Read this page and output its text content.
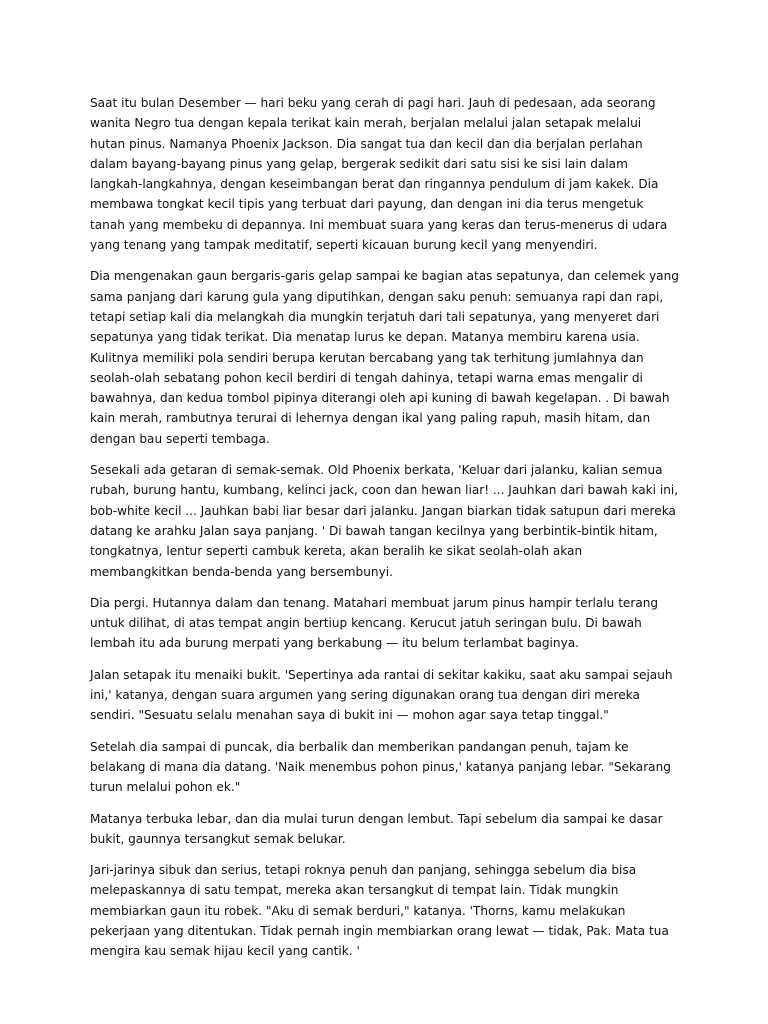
Saat itu bulan Desember — hari beku yang cerah di pagi hari. Jauh di pedesaan, ada seorang wanita Negro tua dengan kepala terikat kain merah, berjalan melalui jalan setapak melalui hutan pinus. Namanya Phoenix Jackson. Dia sangat tua dan kecil dan dia berjalan perlahan dalam bayang-bayang pinus yang gelap, bergerak sedikit dari satu sisi ke sisi lain dalam langkah-langkahnya, dengan keseimbangan berat dan ringannya pendulum di jam kakek. Dia membawa tongkat kecil tipis yang terbuat dari payung, dan dengan ini dia terus mengetuk tanah yang membeku di depannya. Ini membuat suara yang keras dan terus-menerus di udara yang tenang yang tampak meditatif, seperti kicauan burung kecil yang menyendiri.

Dia mengenakan gaun bergaris-garis gelap sampai ke bagian atas sepatunya, dan celemek yang sama panjang dari karung gula yang diputihkan, dengan saku penuh: semuanya rapi dan rapi, tetapi setiap kali dia melangkah dia mungkin terjatuh dari tali sepatunya, yang menyeret dari sepatunya yang tidak terikat. Dia menatap lurus ke depan. Matanya membiru karena usia. Kulitnya memiliki pola sendiri berupa kerutan bercabang yang tak terhitung jumlahnya dan seolah-olah sebatang pohon kecil berdiri di tengah dahinya, tetapi warna emas mengalir di bawahnya, dan kedua tombol pipinya diterangi oleh api kuning di bawah kegelapan. . Di bawah kain merah, rambutnya terurai di lehernya dengan ikal yang paling rapuh, masih hitam, dan dengan bau seperti tembaga.

Sesekali ada getaran di semak-semak. Old Phoenix berkata, 'Keluar dari jalanku, kalian semua rubah, burung hantu, kumbang, kelinci jack, coon dan hewan liar! ... Jauhkan dari bawah kaki ini, bob-white kecil ... Jauhkan babi liar besar dari jalanku. Jangan biarkan tidak satupun dari mereka datang ke arahku Jalan saya panjang. ' Di bawah tangan kecilnya yang berbintik-bintik hitam, tongkatnya, lentur seperti cambuk kereta, akan beralih ke sikat seolah-olah akan membangkitkan benda-benda yang bersembunyi.

Dia pergi. Hutannya dalam dan tenang. Matahari membuat jarum pinus hampir terlalu terang untuk dilihat, di atas tempat angin bertiup kencang. Kerucut jatuh seringan bulu. Di bawah lembah itu ada burung merpati yang berkabung — itu belum terlambat baginya.

Jalan setapak itu menaiki bukit. 'Sepertinya ada rantai di sekitar kakiku, saat aku sampai sejauh ini,' katanya, dengan suara argumen yang sering digunakan orang tua dengan diri mereka sendiri. "Sesuatu selalu menahan saya di bukit ini — mohon agar saya tetap tinggal."

Setelah dia sampai di puncak, dia berbalik dan memberikan pandangan penuh, tajam ke belakang di mana dia datang. 'Naik menembus pohon pinus,' katanya panjang lebar. "Sekarang turun melalui pohon ek."

Matanya terbuka lebar, dan dia mulai turun dengan lembut. Tapi sebelum dia sampai ke dasar bukit, gaunnya tersangkut semak belukar.

Jari-jarinya sibuk dan serius, tetapi roknya penuh dan panjang, sehingga sebelum dia bisa melepaskannya di satu tempat, mereka akan tersangkut di tempat lain. Tidak mungkin membiarkan gaun itu robek. "Aku di semak berduri," katanya. 'Thorns, kamu melakukan pekerjaan yang ditentukan. Tidak pernah ingin membiarkan orang lewat — tidak, Pak. Mata tua mengira kau semak hijau kecil yang cantik. '
